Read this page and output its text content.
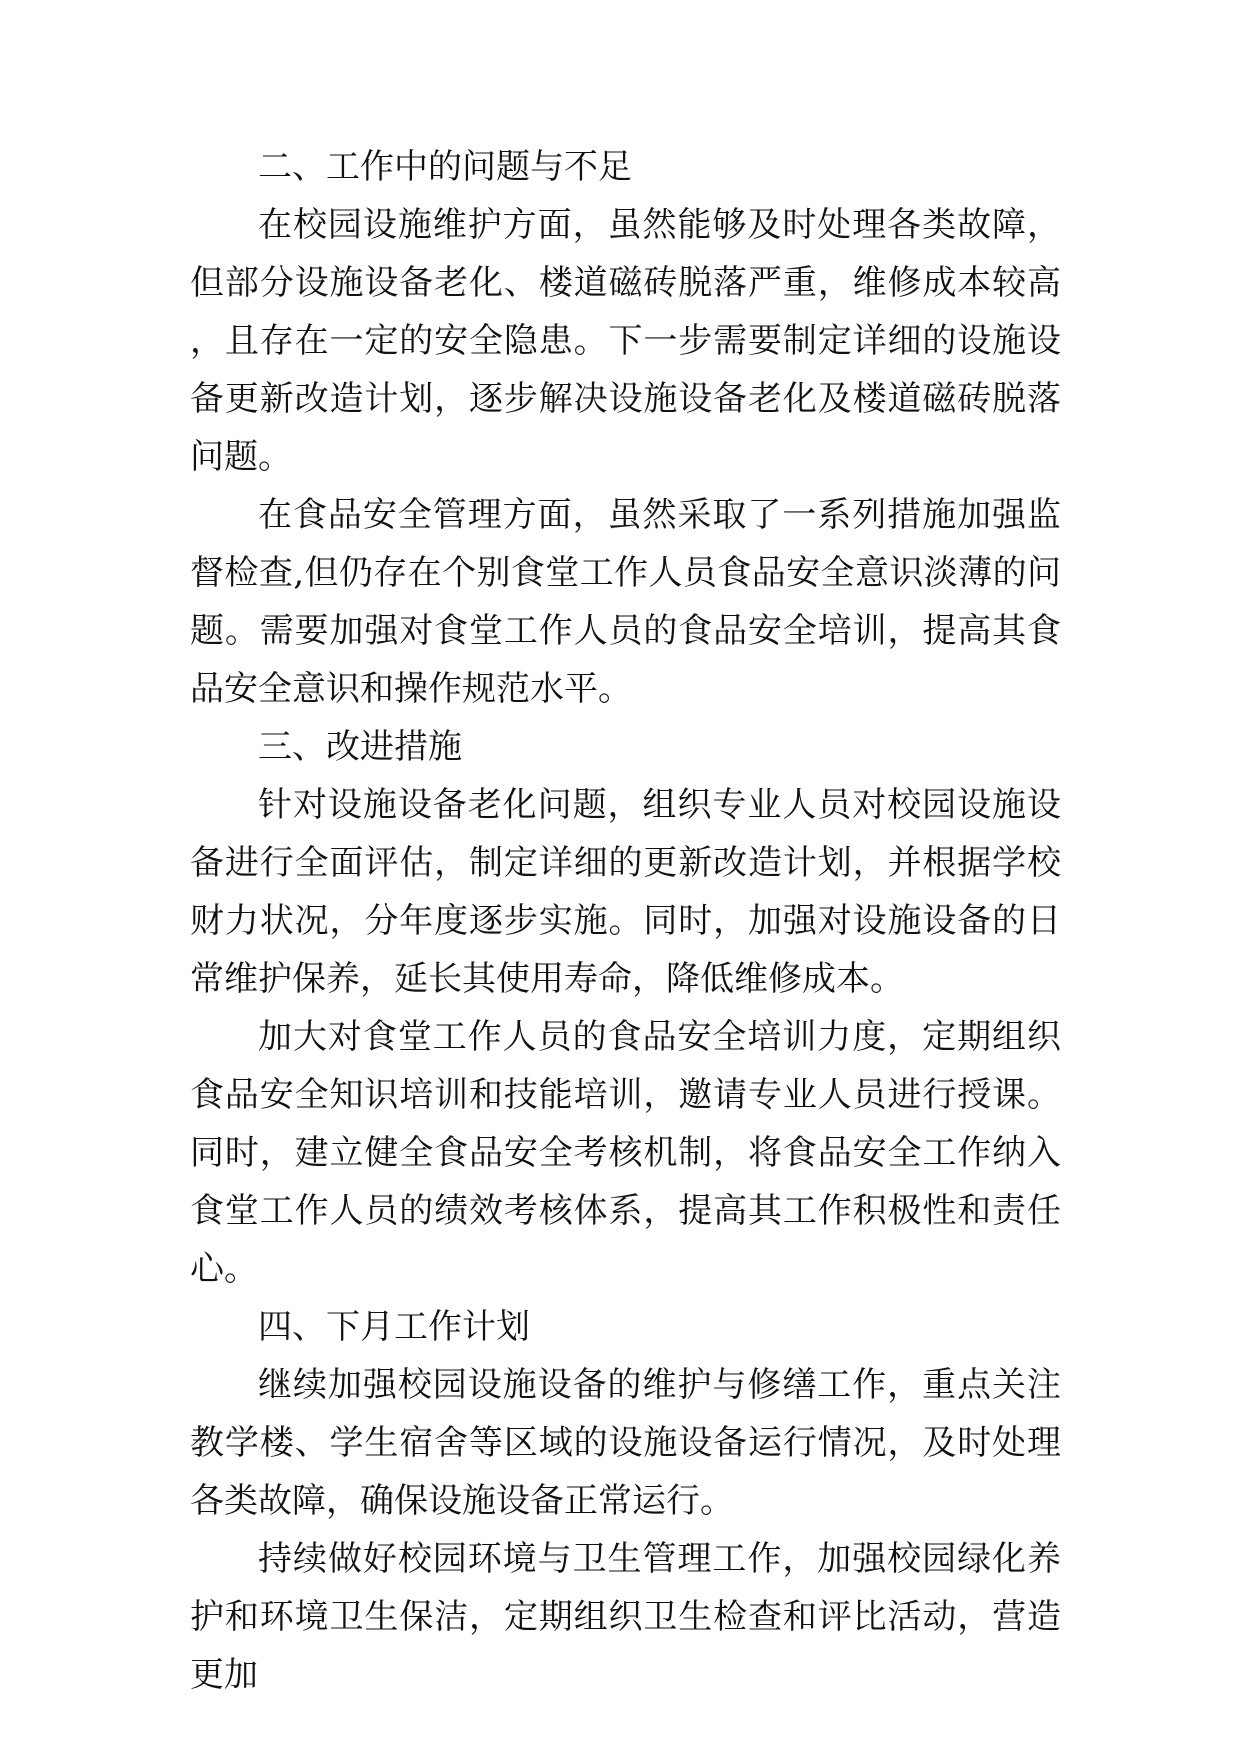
二、工作中的问题与不足

在校园设施维护方面，虽然能够及时处理各类故障，但部分设施设备老化、楼道磁砖脱落严重，维修成本较高，且存在一定的安全隐患。下一步需要制定详细的设施设备更新改造计划，逐步解决设施设备老化及楼道磁砖脱落问题。

在食品安全管理方面，虽然采取了一系列措施加强监督检查,但仍存在个别食堂工作人员食品安全意识淡薄的问题。需要加强对食堂工作人员的食品安全培训，提高其食品安全意识和操作规范水平。

三、改进措施

针对设施设备老化问题，组织专业人员对校园设施设备进行全面评估，制定详细的更新改造计划，并根据学校财力状况，分年度逐步实施。同时，加强对设施设备的日常维护保养，延长其使用寿命，降低维修成本。

加大对食堂工作人员的食品安全培训力度，定期组织食品安全知识培训和技能培训，邀请专业人员进行授课。同时，建立健全食品安全考核机制，将食品安全工作纳入食堂工作人员的绩效考核体系，提高其工作积极性和责任心。

四、下月工作计划

继续加强校园设施设备的维护与修缮工作，重点关注教学楼、学生宿舍等区域的设施设备运行情况，及时处理各类故障，确保设施设备正常运行。

持续做好校园环境与卫生管理工作，加强校园绿化养护和环境卫生保洁，定期组织卫生检查和评比活动，营造更加
